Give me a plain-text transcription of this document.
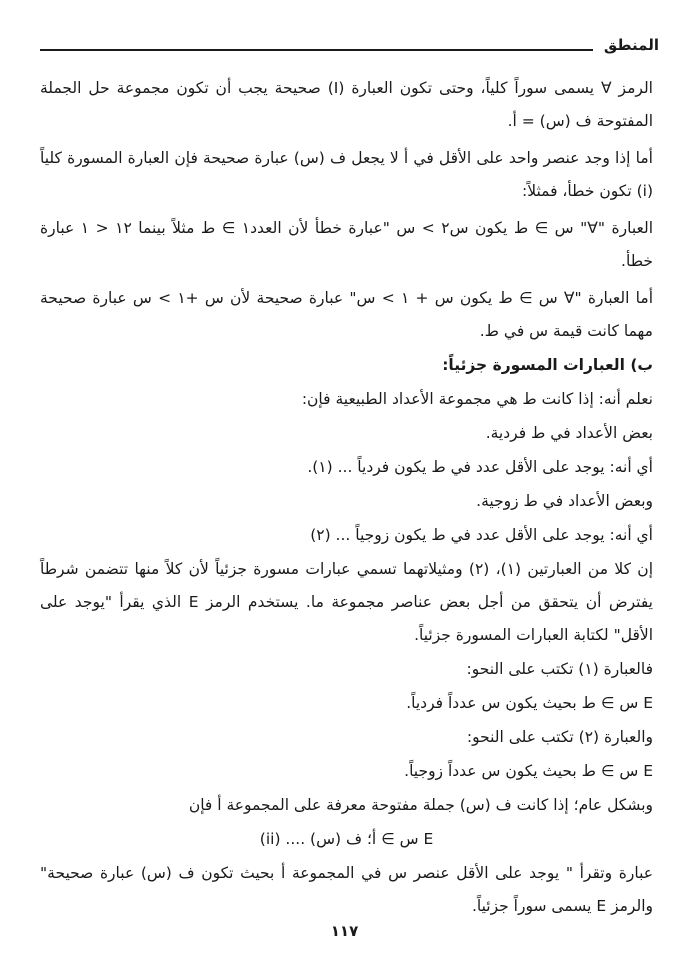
المنطق

الرمز ∀ يسمى سوراً كلياً، وحتى تكون العبارة (I) صحيحة يجب أن تكون مجموعة حل الجملة المفتوحة ف (س) = أ.

أما إذا وجد عنصر واحد على الأقل في أ لا يجعل ف (س) عبارة صحيحة فإن العبارة المسورة كلياً (i) تكون خطأ، فمثلاً:

العبارة "∀" س ∋ ط يكون س٢ > س "عبارة خطأ لأن العدد١ ∋ ط مثلاً بينما ١٢ < ١ عبارة خطأ.

أما العبارة "∀ س ∋ ط يكون س + ١ > س" عبارة صحيحة لأن س +١ > س عبارة صحيحة مهما كانت قيمة س في ط.

ب) العبارات المسورة جزئياً:

نعلم أنه: إذا كانت ط هي مجموعة الأعداد الطبيعية فإن:

بعض الأعداد في ط فردية.

أي أنه: يوجد على الأقل عدد في ط يكون فردياً ... (١).

وبعض الأعداد في ط زوجية.

أي أنه: يوجد على الأقل عدد في ط يكون زوجياً ... (٢)

إن كلا من العبارتين (١)، (٢) ومثيلاتهما تسمي عبارات مسورة جزئياً لأن كلاً منها تتضمن شرطاً يفترض أن يتحقق من أجل بعض عناصر مجموعة ما. يستخدم الرمز E الذي يقرأ "يوجد على الأقل" لكتابة العبارات المسورة جزئياً.

فالعبارة (١) تكتب على النحو:

E س ∋ ط بحيث يكون س عدداً فردياً.

والعبارة (٢) تكتب على النحو:

E س ∋ ط بحيث يكون س عدداً زوجياً.

وبشكل عام؛ إذا كانت ف (س) جملة مفتوحة معرفة على المجموعة أ فإن

E س ∋ أ؛ ف (س) .... (ii)

عبارة وتقرأ " يوجد على الأقل عنصر س في المجموعة أ بحيث تكون ف (س) عبارة صحيحة" والرمز E يسمى سوراً جزئياً.

١١٧
